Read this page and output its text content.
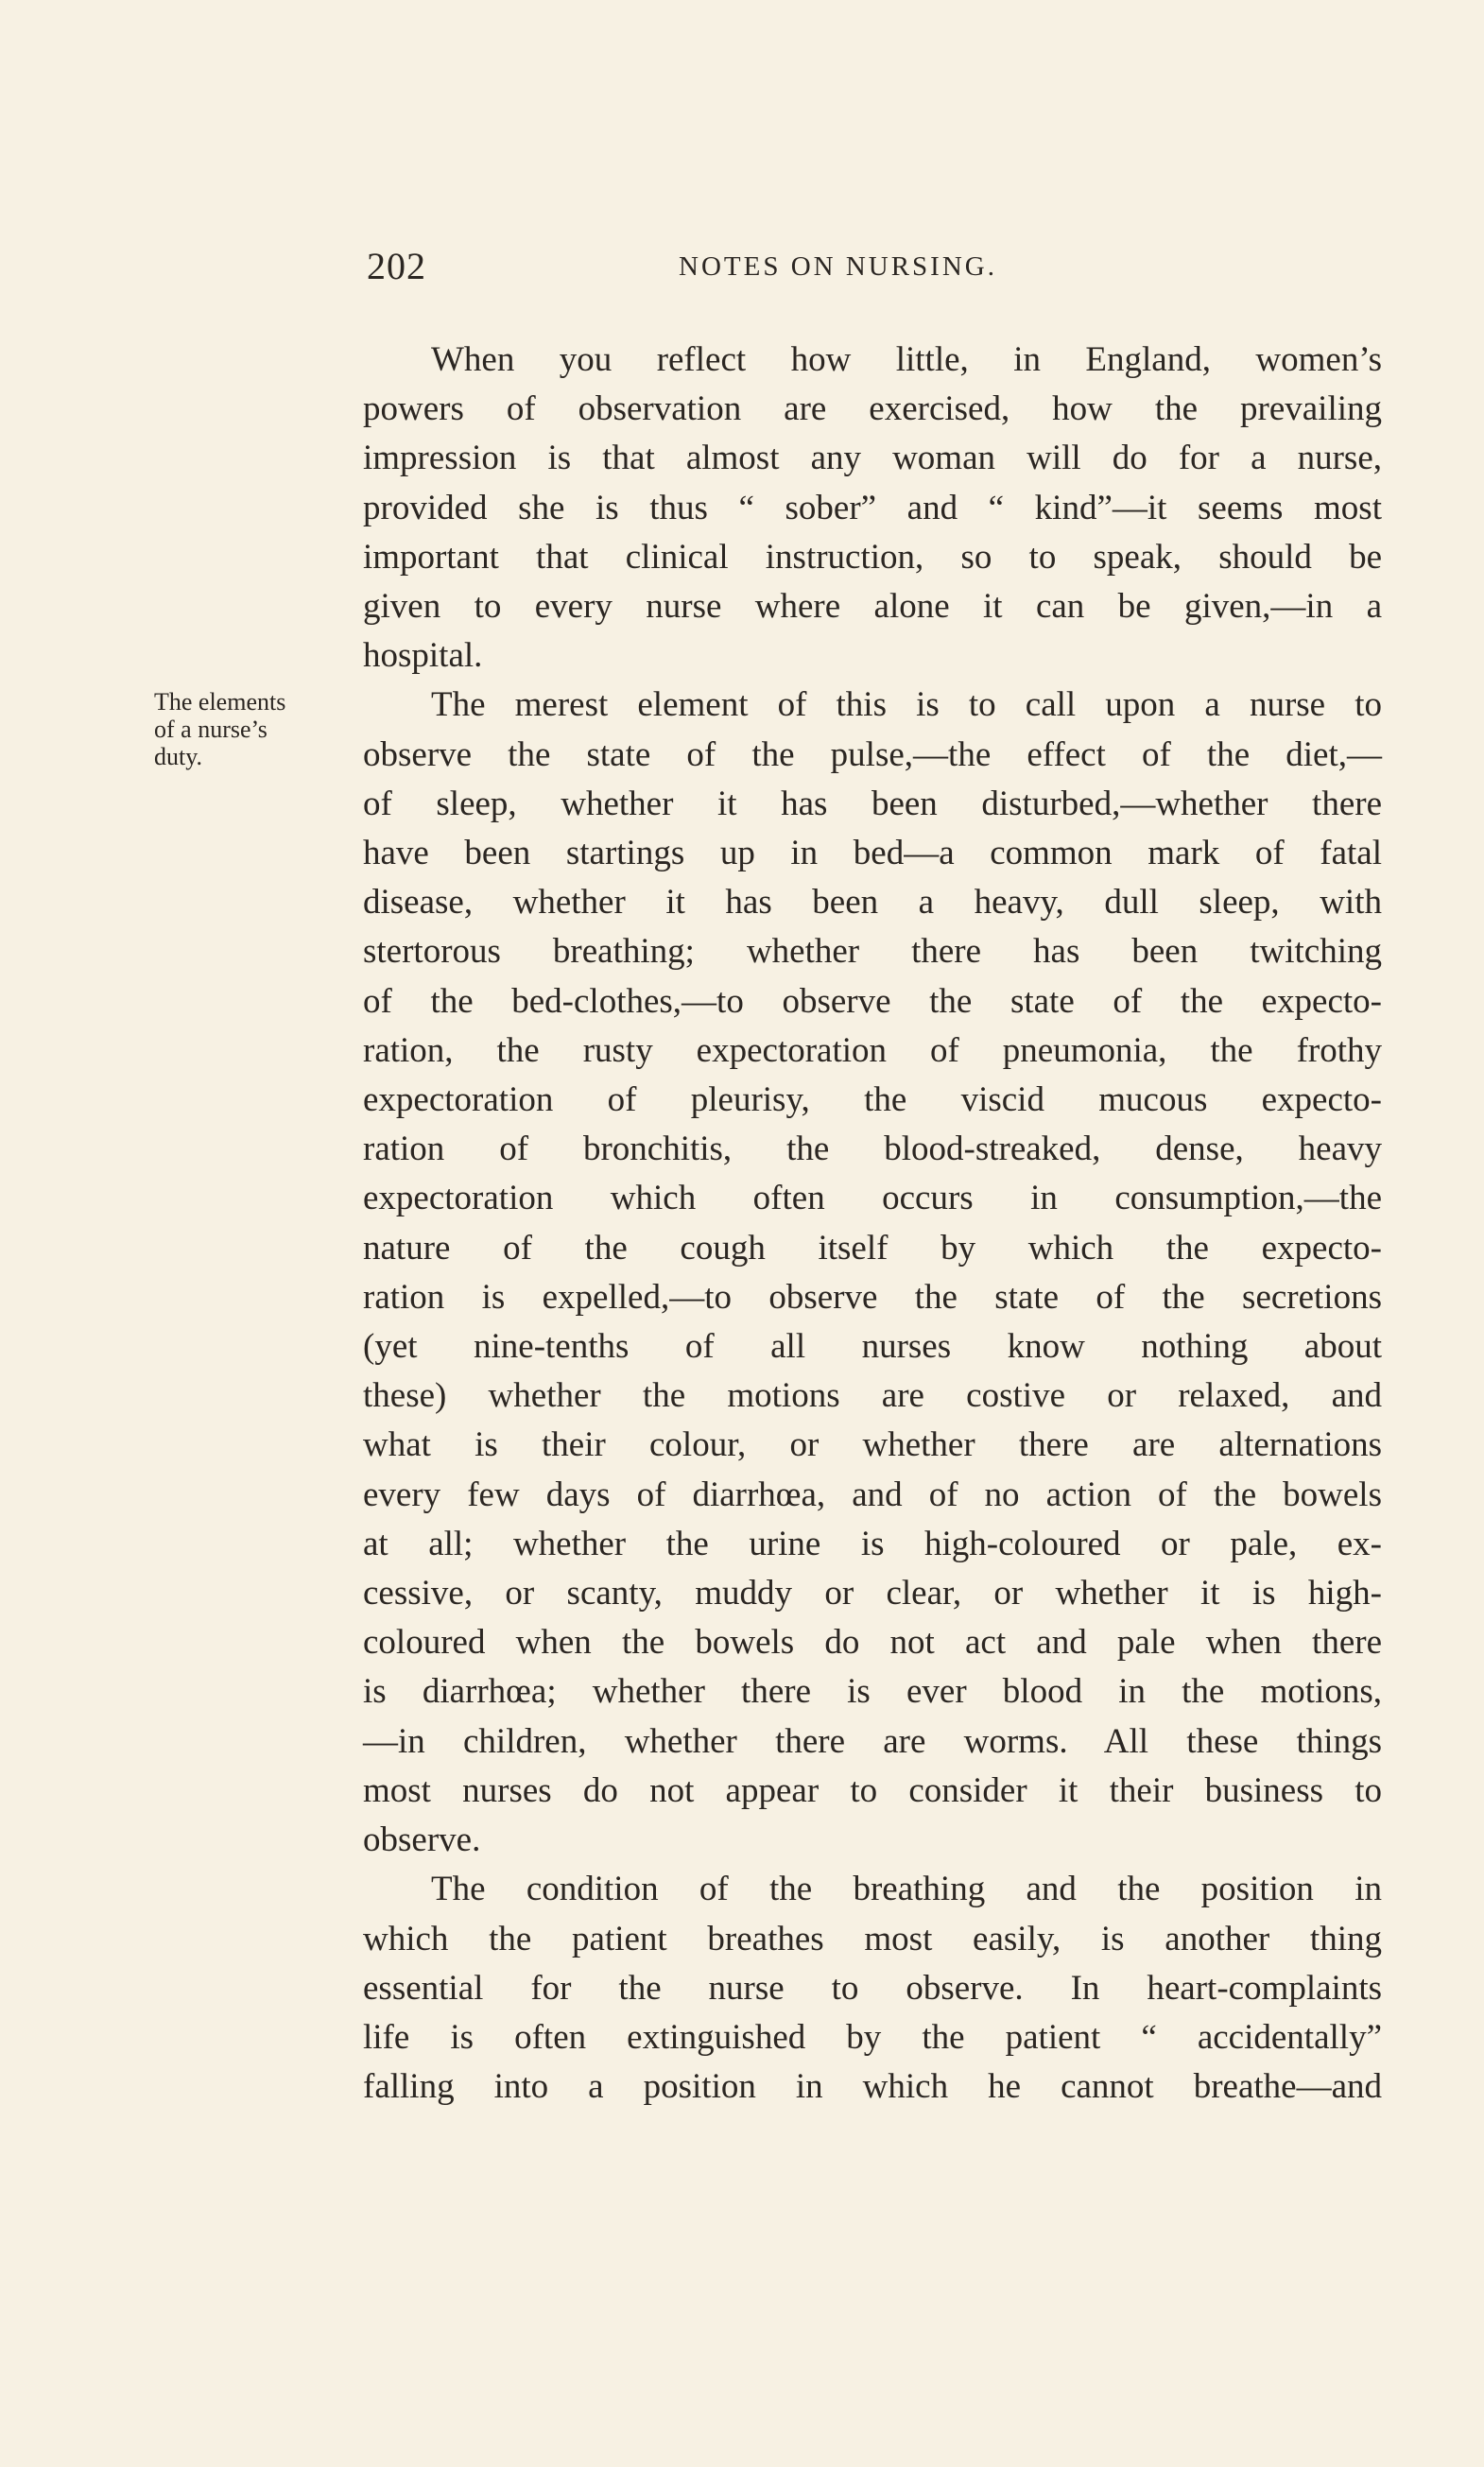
202	NOTES ON NURSING.
The elements
of a nurse’s
duty.
When you reflect how little, in England, women’s
powers of observation are exercised, how the prevailing
impression is that almost any woman will do for a nurse,
provided she is thus “ sober” and “ kind”—it seems most
important that clinical instruction, so to speak, should be
given to every nurse where alone it can be given,—in a
hospital.
The merest element of this is to call upon a nurse to
observe the state of the pulse,—the effect of the diet,—
of sleep, whether it has been disturbed,—whether there
have been startings up in bed—a common mark of fatal
disease, whether it has been a heavy, dull sleep, with
stertorous breathing; whether there has been twitching
of the bed-clothes,—to observe the state of the expecto-
ration, the rusty expectoration of pneumonia, the frothy
expectoration of pleurisy, the viscid mucous expecto-
ration of bronchitis, the blood-streaked, dense, heavy
expectoration which often occurs in consumption,—the
nature of the cough itself by which the expecto-
ration is expelled,—to observe the state of the secretions
(yet nine-tenths of all nurses know nothing about
these) whether the motions are costive or relaxed, and
what is their colour, or whether there are alternations
every few days of diarrhœa, and of no action of the bowels
at all; whether the urine is high-coloured or pale, ex-
cessive, or scanty, muddy or clear, or whether it is high-
coloured when the bowels do not act and pale when there
is diarrhœa; whether there is ever blood in the motions,
—in children, whether there are worms. All these things
most nurses do not appear to consider it their business to
observe.
The condition of the breathing and the position in
which the patient breathes most easily, is another thing
essential for the nurse to observe. In heart-complaints
life is often extinguished by the patient “ accidentally”
falling into a position in which he cannot breathe—and
